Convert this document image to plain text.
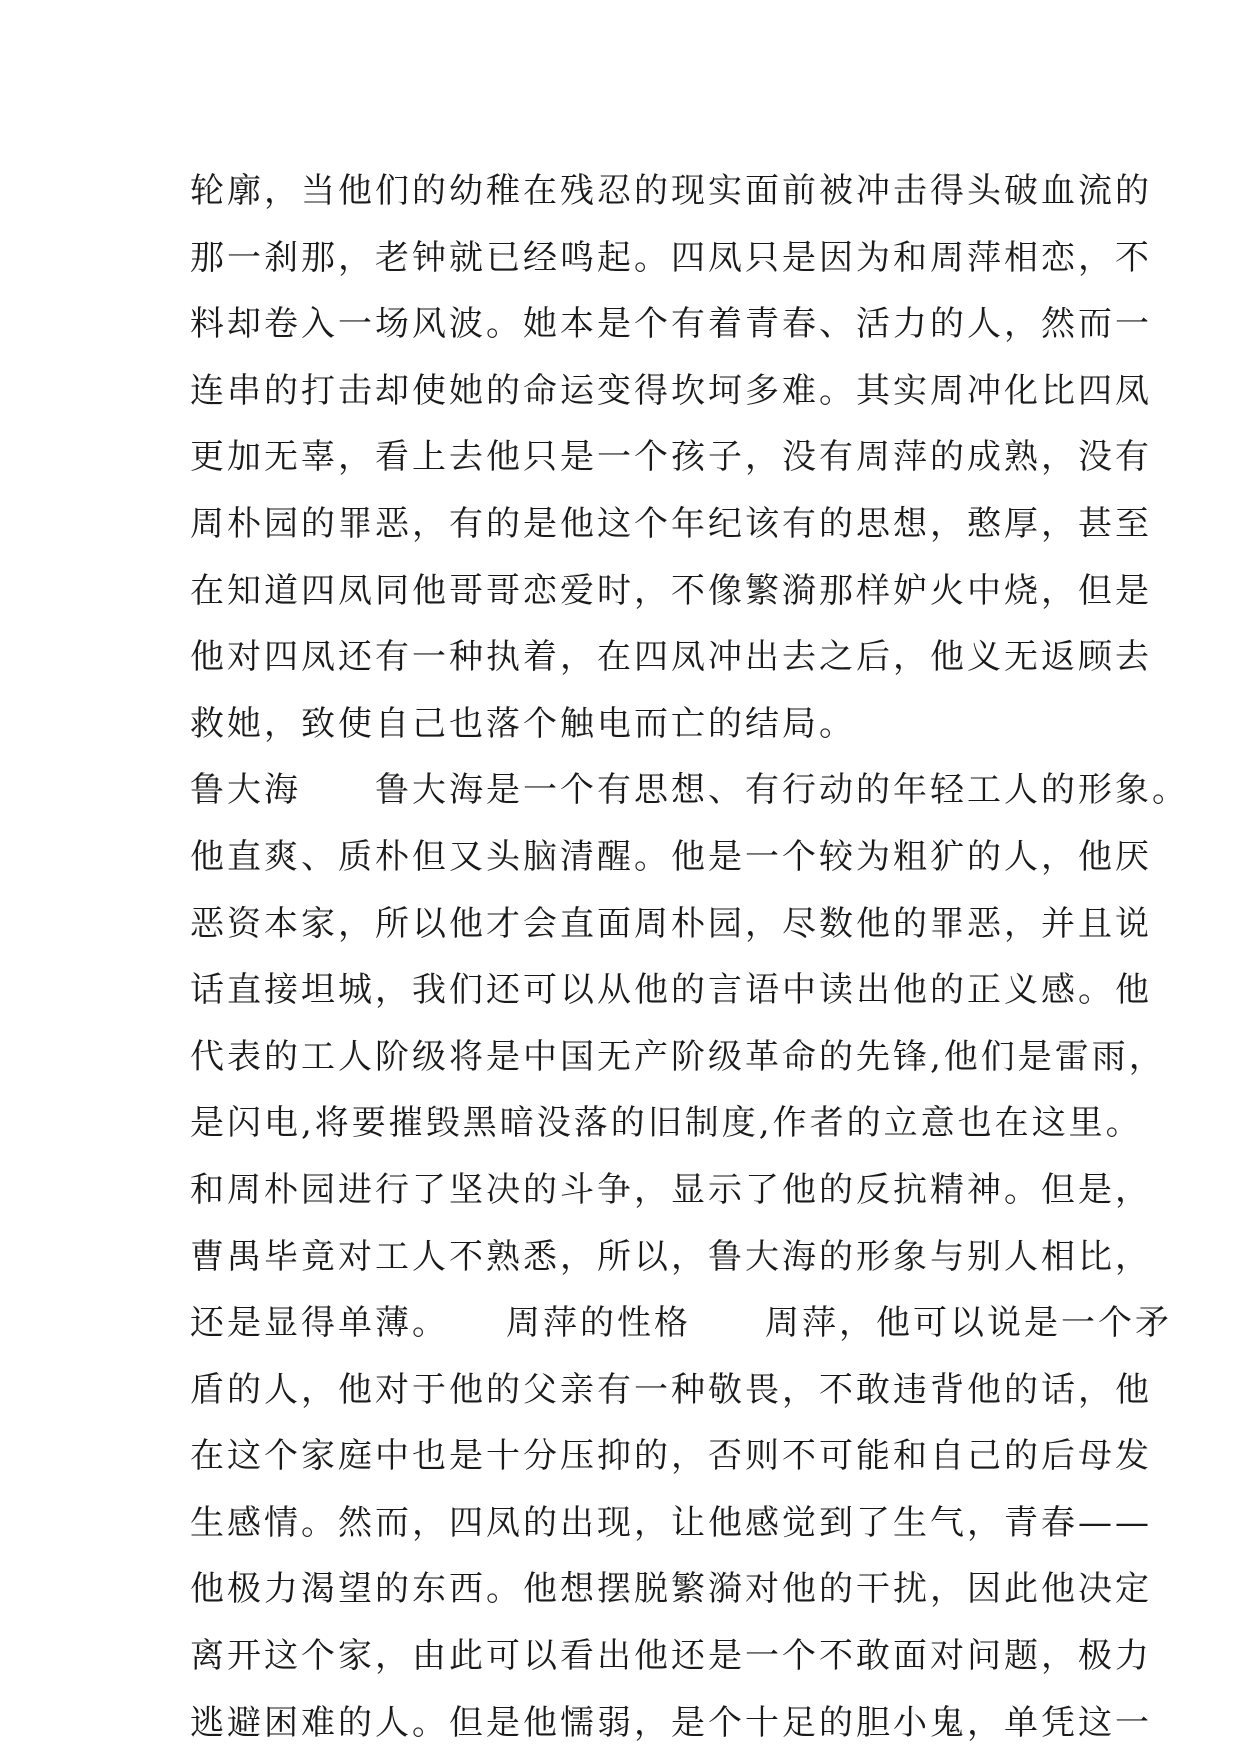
轮廓，当他们的幼稚在残忍的现实面前被冲击得头破血流的
那一刹那，老钟就已经鸣起。四凤只是因为和周萍相恋，不
料却卷入一场风波。她本是个有着青春、活力的人，然而一
连串的打击却使她的命运变得坎坷多难。其实周冲化比四凤
更加无辜，看上去他只是一个孩子，没有周萍的成熟，没有
周朴园的罪恶，有的是他这个年纪该有的思想，憨厚，甚至
在知道四凤同他哥哥恋爱时，不像繁漪那样妒火中烧，但是
他对四凤还有一种执着，在四凤冲出去之后，他义无返顾去
救她，致使自己也落个触电而亡的结局。
鲁大海　　鲁大海是一个有思想、有行动的年轻工人的形象。
他直爽、质朴但又头脑清醒。他是一个较为粗犷的人，他厌
恶资本家，所以他才会直面周朴园，尽数他的罪恶，并且说
话直接坦城，我们还可以从他的言语中读出他的正义感。他
代表的工人阶级将是中国无产阶级革命的先锋,他们是雷雨，
是闪电,将要摧毁黑暗没落的旧制度,作者的立意也在这里。
和周朴园进行了坚决的斗争，显示了他的反抗精神。但是，
曹禺毕竟对工人不熟悉，所以，鲁大海的形象与别人相比，
还是显得单薄。　　周萍的性格　　周萍，他可以说是一个矛
盾的人，他对于他的父亲有一种敬畏，不敢违背他的话，他
在这个家庭中也是十分压抑的，否则不可能和自己的后母发
生感情。然而，四凤的出现，让他感觉到了生气，青春——
他极力渴望的东西。他想摆脱繁漪对他的干扰，因此他决定
离开这个家，由此可以看出他还是一个不敢面对问题，极力
逃避困难的人。但是他懦弱，是个十足的胆小鬼，单凭这一
